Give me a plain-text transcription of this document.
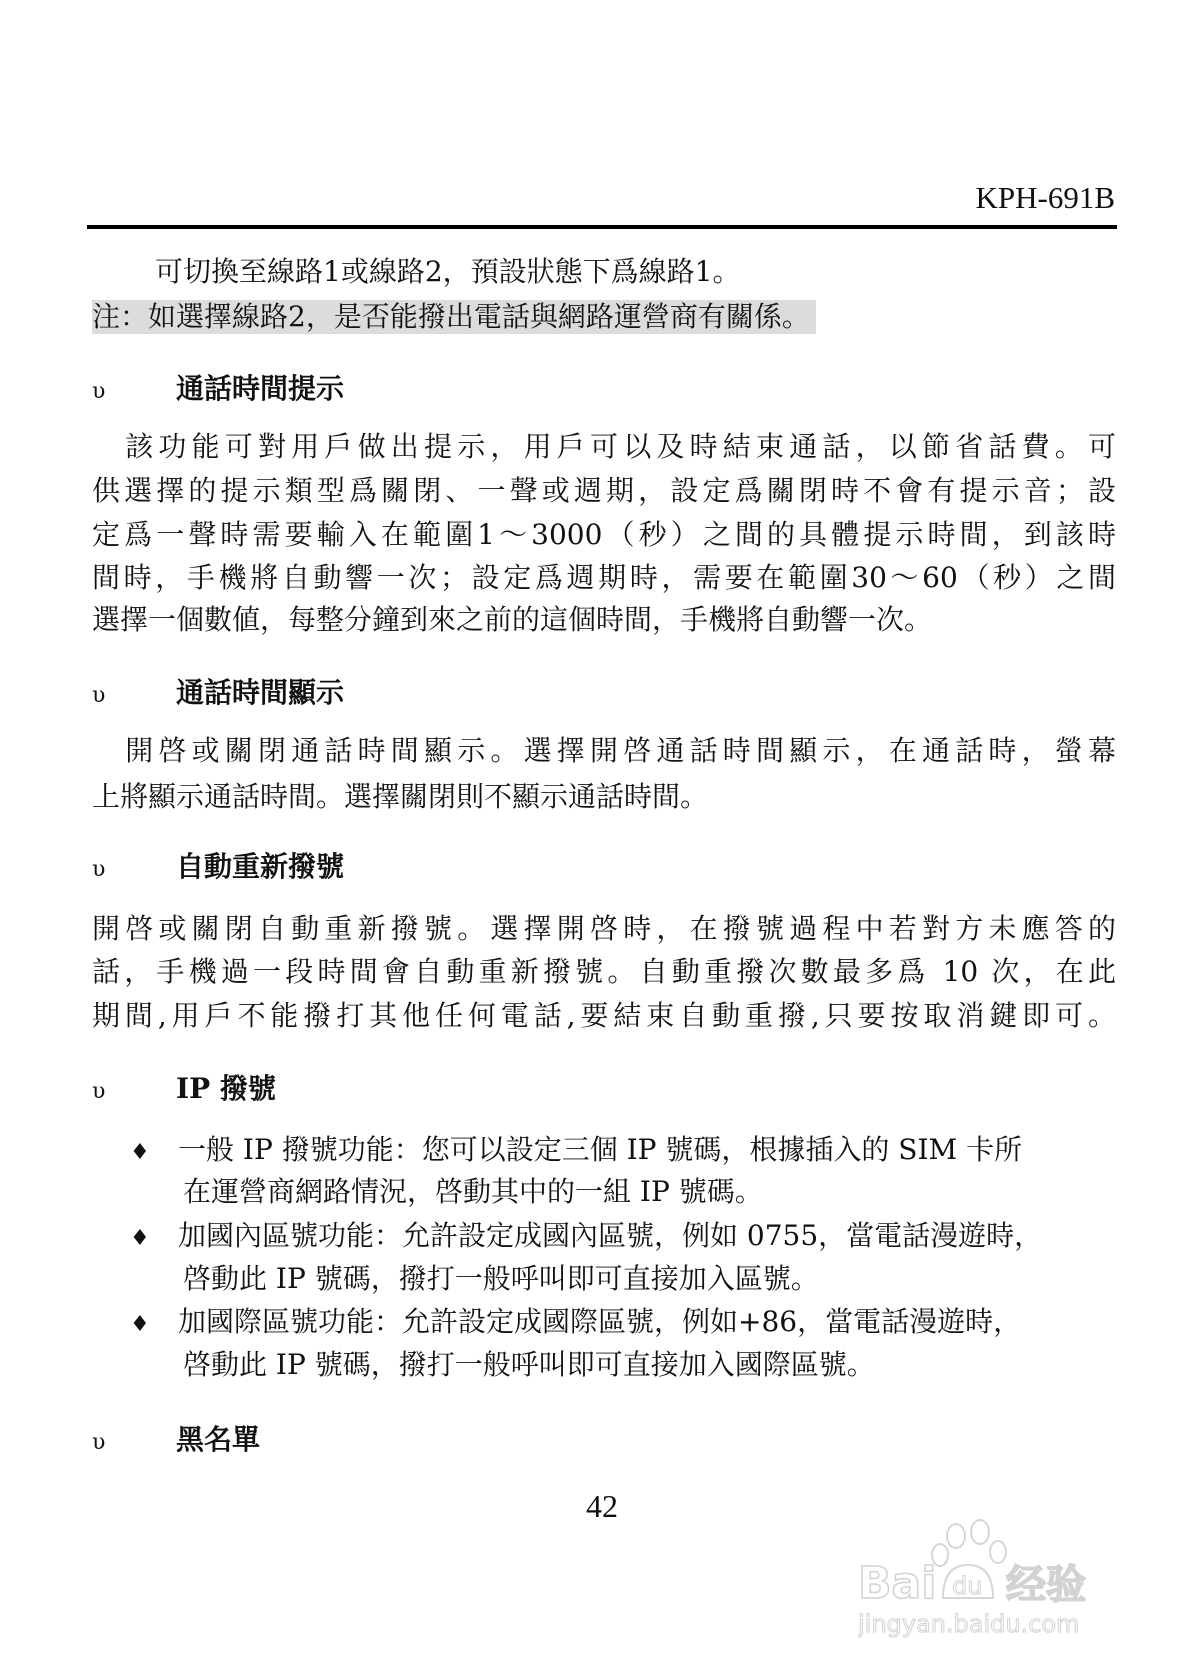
KPH-691B
可切換至線路1或線路2，預設狀態下爲線路1。
注：如選擇線路2，是否能撥出電話與網路運營商有關係。
υ	通話時間提示
　該功能可對用戶做出提示，用戶可以及時結束通話，以節省話費。可
供選擇的提示類型爲關閉、一聲或週期，設定爲關閉時不會有提示音；設
定爲一聲時需要輸入在範圍1～3000（秒）之間的具體提示時間，到該時
間時，手機將自動響一次；設定爲週期時，需要在範圍30～60（秒）之間
選擇一個數値，每整分鐘到來之前的這個時間，手機將自動響一次。
υ	通話時間顯示
　開啓或關閉通話時間顯示。選擇開啓通話時間顯示，在通話時，螢幕
上將顯示通話時間。選擇關閉則不顯示通話時間。
υ	自動重新撥號
開啓或關閉自動重新撥號。選擇開啓時，在撥號過程中若對方未應答的
話，手機過一段時間會自動重新撥號。自動重撥次數最多爲 10 次，在此
期間,用戶不能撥打其他任何電話,要結束自動重撥,只要按取消鍵即可。
υ	IP 撥號
♦ 一般 IP 撥號功能：您可以設定三個 IP 號碼，根據插入的 SIM 卡所
在運營商網路情況，啓動其中的一組 IP 號碼。
♦ 加國內區號功能：允許設定成國內區號，例如 0755，當電話漫遊時，
啓動此 IP 號碼，撥打一般呼叫即可直接加入區號。
♦ 加國際區號功能：允許設定成國際區號，例如+86，當電話漫遊時，
啓動此 IP 號碼，撥打一般呼叫即可直接加入國際區號。
υ	黑名單
42
Bai du 经验
jingyan.baidu.com
